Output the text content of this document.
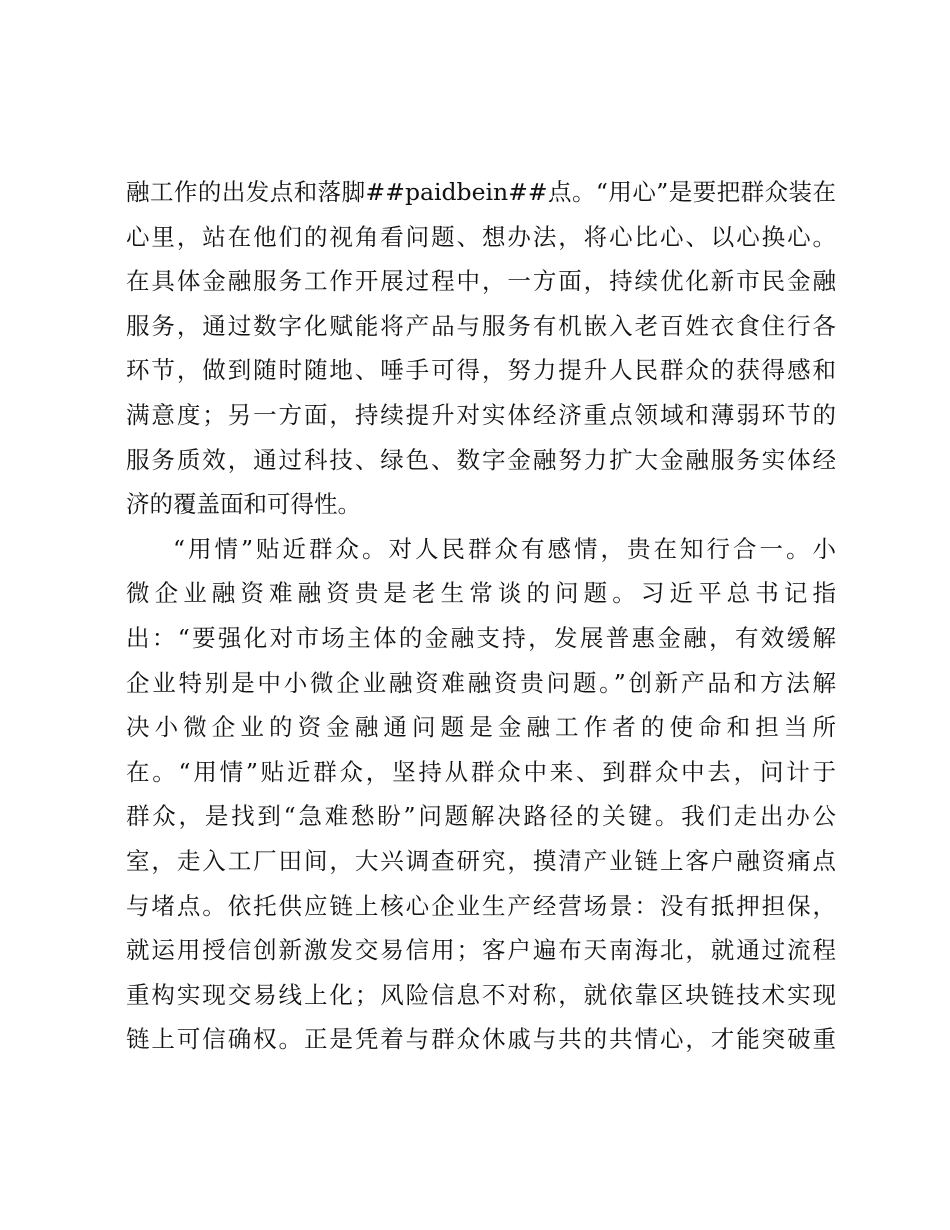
融工作的出发点和落脚##paidbein##点。“用心”是要把群众装在
心里，站在他们的视角看问题、想办法，将心比心、以心换心。
在具体金融服务工作开展过程中，一方面，持续优化新市民金融
服务，通过数字化赋能将产品与服务有机嵌入老百姓衣食住行各
环节，做到随时随地、唾手可得，努力提升人民群众的获得感和
满意度；另一方面，持续提升对实体经济重点领域和薄弱环节的
服务质效，通过科技、绿色、数字金融努力扩大金融服务实体经
济的覆盖面和可得性。
“用情”贴近群众。对人民群众有感情，贵在知行合一。小
微企业融资难融资贵是老生常谈的问题。习近平总书记指
出：“要强化对市场主体的金融支持，发展普惠金融，有效缓解
企业特别是中小微企业融资难融资贵问题。”创新产品和方法解
决小微企业的资金融通问题是金融工作者的使命和担当所
在。“用情”贴近群众，坚持从群众中来、到群众中去，问计于
群众，是找到“急难愁盼”问题解决路径的关键。我们走出办公
室，走入工厂田间，大兴调查研究，摸清产业链上客户融资痛点
与堵点。依托供应链上核心企业生产经营场景：没有抵押担保，
就运用授信创新激发交易信用；客户遍布天南海北，就通过流程
重构实现交易线上化；风险信息不对称，就依靠区块链技术实现
链上可信确权。正是凭着与群众休戚与共的共情心，才能突破重
